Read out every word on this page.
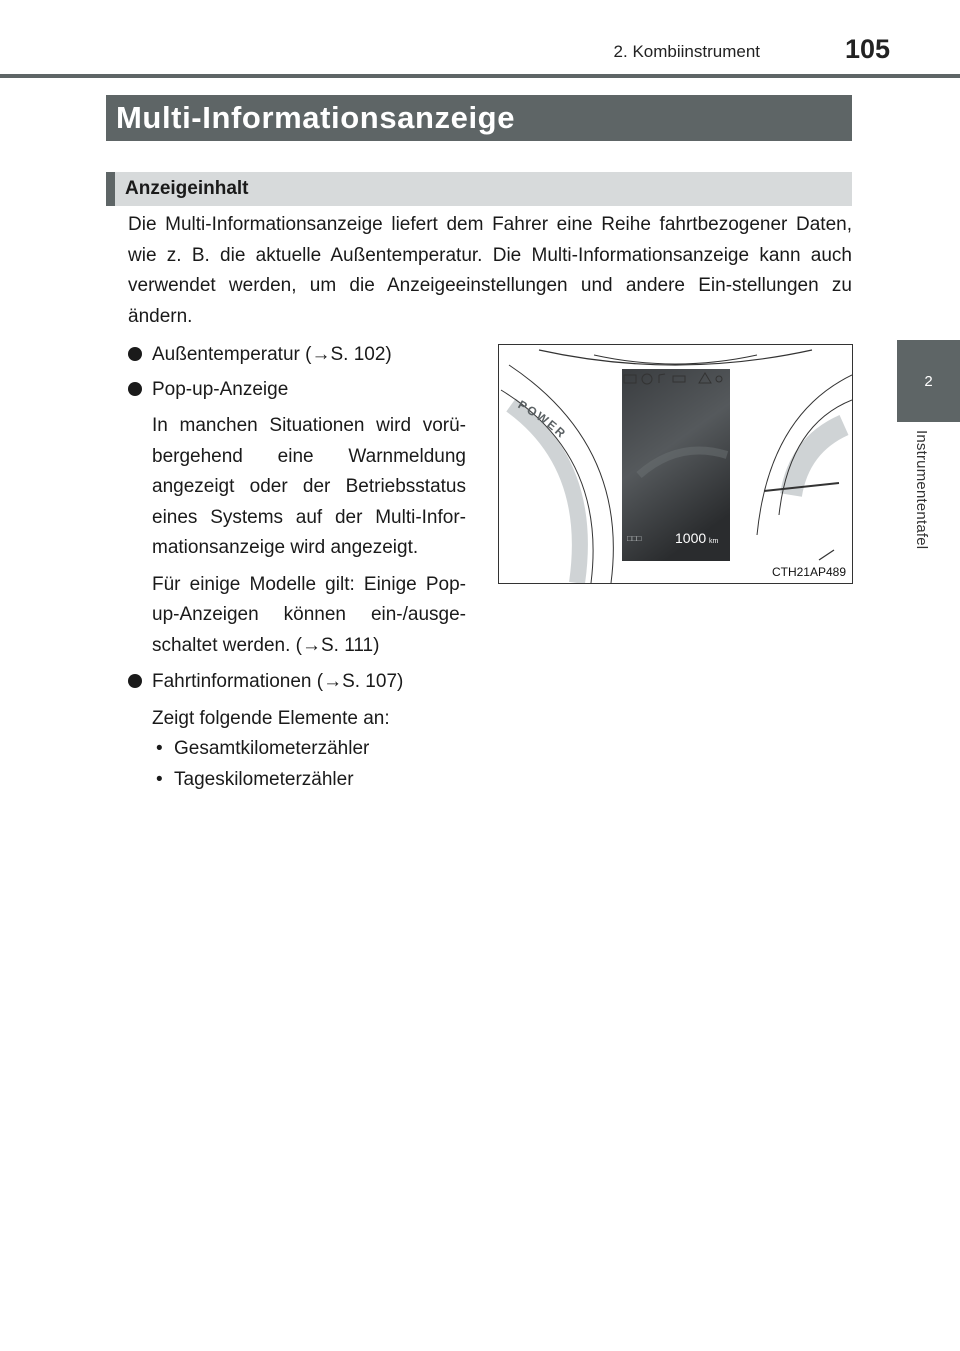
2. Kombiinstrument	105
2
Instrumententafel
Multi-Informationsanzeige
Anzeigeinhalt

Die Multi-Informationsanzeige liefert dem Fahrer eine Reihe fahrtbezogener Daten, wie z. B. die aktuelle Außentemperatur. Die Multi-Informationsanzeige kann auch verwendet werden, um die Anzeigeeinstellungen und andere Ein-stellungen zu ändern.

Außentemperatur (→S. 102)
Pop-up-Anzeige
In manchen Situationen wird vorü-bergehend eine Warnmeldung angezeigt oder der Betriebsstatus eines Systems auf der Multi-Infor-mationsanzeige wird angezeigt.
Für einige Modelle gilt: Einige Pop-up-Anzeigen können ein-/ausge-schaltet werden. (→S. 111)
Fahrtinformationen (→S. 107)
Zeigt folgende Elemente an:
• Gesamtkilometerzähler
• Tageskilometerzähler
POWER
□□□ 1000 km
CTH21AP489
